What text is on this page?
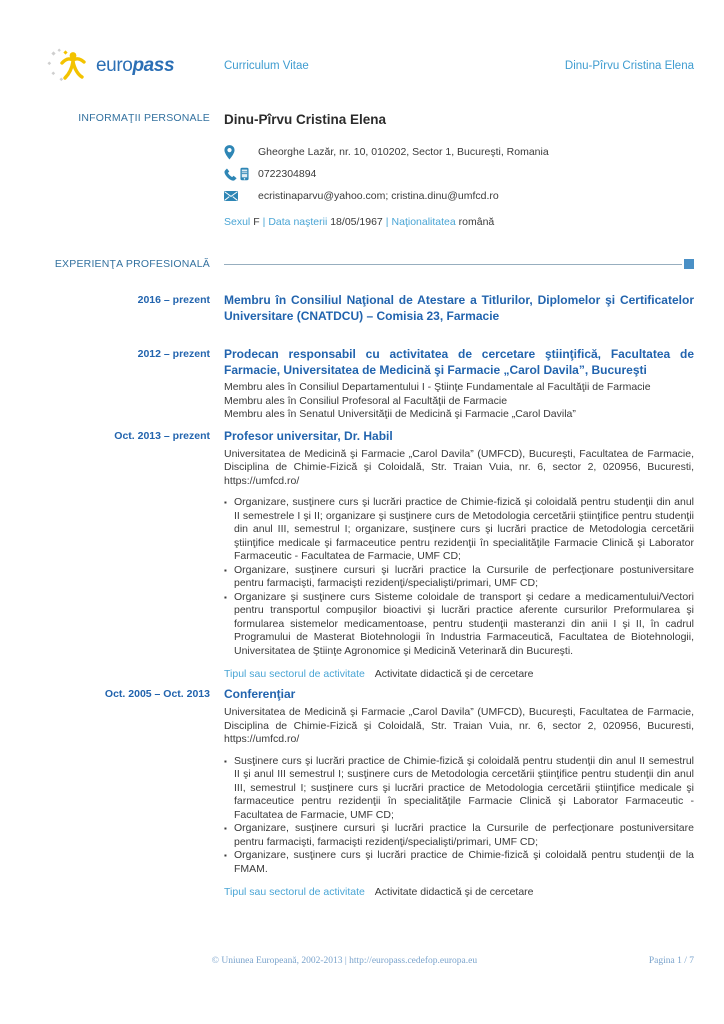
europass	Curriculum Vitae	Dinu-Pîrvu Cristina Elena
INFORMAŢII PERSONALE Dinu-Pîrvu Cristina Elena
Gheorghe Lazăr, nr. 10, 010202, Sector 1, Bucureşti, Romania
0722304894
ecristinaparvu@yahoo.com; cristina.dinu@umfcd.ro
Sexul F | Data naşterii 18/05/1967 | Naţionalitatea română
EXPERIENŢA PROFESIONALĂ
2016 – prezent Membru în Consiliul Naţional de Atestare a Titlurilor, Diplomelor şi Certificatelor Universitare (CNATDCU) – Comisia 23, Farmacie
2012 – prezent Prodecan responsabil cu activitatea de cercetare ştiinţifică, Facultatea de Farmacie, Universitatea de Medicină şi Farmacie „Carol Davila”, Bucureşti
Membru ales în Consiliul Departamentului I - Ştiinţe Fundamentale al Facultăţii de Farmacie
Membru ales în Consiliul Profesoral al Facultăţii de Farmacie
Membru ales în Senatul Universităţii de Medicină şi Farmacie „Carol Davila”
Oct. 2013 – prezent Profesor universitar, Dr. Habil
Universitatea de Medicină şi Farmacie „Carol Davila” (UMFCD), Bucureşti, Facultatea de Farmacie, Disciplina de Chimie-Fizică şi Coloidală, Str. Traian Vuia, nr. 6, sector 2, 020956, Bucuresti, https://umfcd.ro/
▪ Organizare, susţinere curs şi lucrări practice de Chimie-fizică şi coloidală pentru studenţii din anul II semestrele I şi II; organizare şi susţinere curs de Metodologia cercetării ştiinţifice pentru studenţii din anul III, semestrul I; organizare, susţinere curs şi lucrări practice de Metodologia cercetării ştiinţifice medicale şi farmaceutice pentru rezidenţii în specialităţile Farmacie Clinică şi Laborator Farmaceutic - Facultatea de Farmacie, UMF CD;
▪ Organizare, susţinere cursuri şi lucrări practice la Cursurile de perfecţionare postuniversitare pentru farmacişti, farmacişti rezidenţi/specialişti/primari, UMF CD;
▪ Organizare şi susţinere curs Sisteme coloidale de transport şi cedare a medicamentului/Vectori pentru transportul compuşilor bioactivi şi lucrări practice aferente cursurilor Preformularea şi formularea sistemelor medicamentoase, pentru studenţii masteranzi din anii I şi II, în cadrul Programului de Masterat Biotehnologii în Industria Farmaceutică, Facultatea de Biotehnologii, Universitatea de Ştiinţe Agronomice şi Medicină Veterinară din Bucureşti.
Tipul sau sectorul de activitate Activitate didactică şi de cercetare
Oct. 2005 – Oct. 2013 Conferenţiar
Universitatea de Medicină şi Farmacie „Carol Davila” (UMFCD), Bucureşti, Facultatea de Farmacie, Disciplina de Chimie-Fizică şi Coloidală, Str. Traian Vuia, nr. 6, sector 2, 020956, Bucuresti, https://umfcd.ro/
▪ Susţinere curs şi lucrări practice de Chimie-fizică şi coloidală pentru studenţii din anul II semestrul II şi anul III semestrul I; susţinere curs de Metodologia cercetării ştiinţifice pentru studenţii din anul III, semestrul I; susţinere curs şi lucrări practice de Metodologia cercetării ştiinţifice medicale şi farmaceutice pentru rezidenţii în specialităţile Farmacie Clinică şi Laborator Farmaceutic - Facultatea de Farmacie, UMF CD;
▪ Organizare, susţinere cursuri şi lucrări practice la Cursurile de perfecţionare postuniversitare pentru farmacişti, farmacişti rezidenţi/specialişti/primari, UMF CD;
▪ Organizare, susţinere curs şi lucrări practice de Chimie-fizică şi coloidală pentru studenţii de la FMAM.
Tipul sau sectorul de activitate Activitate didactică şi de cercetare
© Uniunea Europeană, 2002-2013 | http://europass.cedefop.europa.eu	Pagina 1 / 7
